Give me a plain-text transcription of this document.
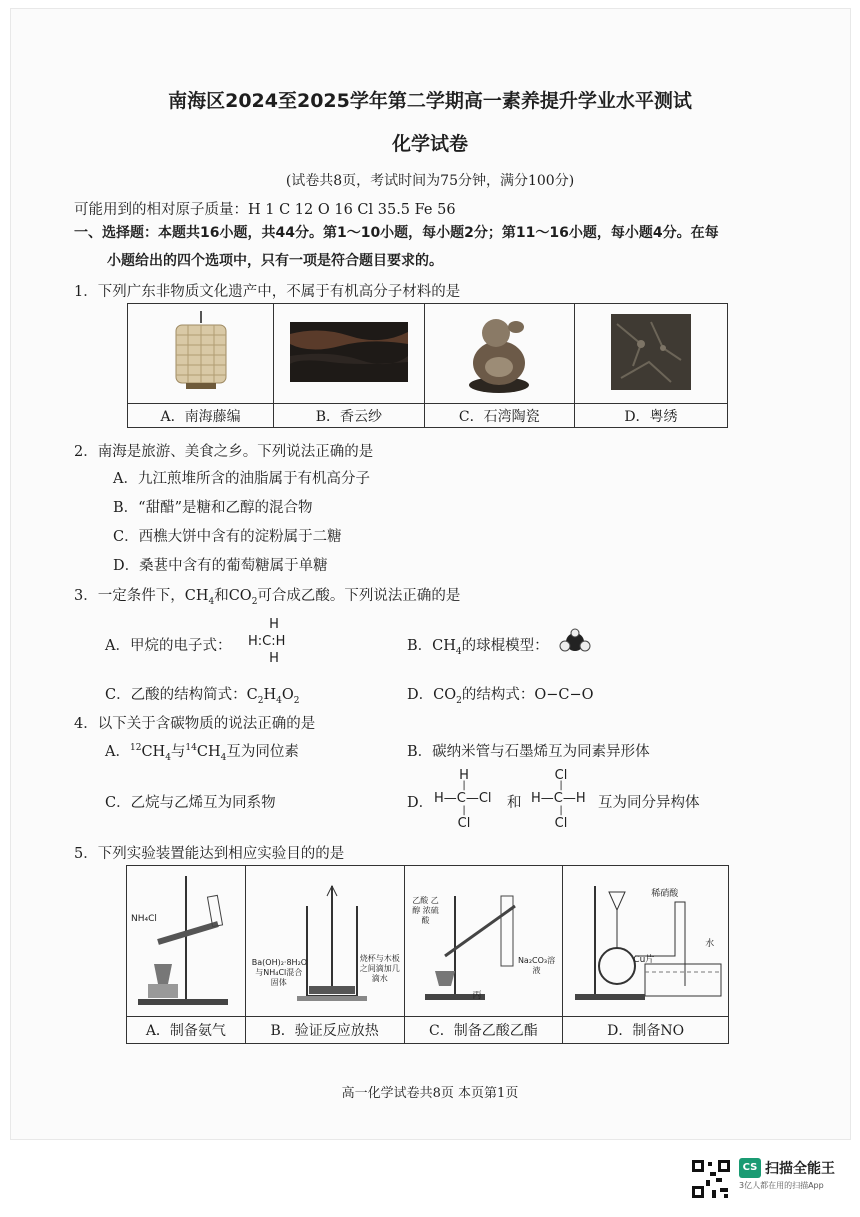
ﾠ
南海区2024至2025学年第二学期高一素养提升学业水平测试
化学试卷
(试卷共8页，考试时间为75分钟，满分100分)
可能用到的相对原子质量：H 1 C 12 O 16 Cl 35.5 Fe 56
一、选择题：本题共16小题，共44分。第1～10小题，每小题2分；第11～16小题，每小题4分。在每
小题给出的四个选项中，只有一项是符合题目要求的。
1．下列广东非物质文化遗产中，不属于有机高分子材料的是

A．南海藤编	B．香云纱	C．石湾陶瓷	D．粤绣
2．南海是旅游、美食之乡。下列说法正确的是
A．九江煎堆所含的油脂属于有机高分子
B．“甜醋”是糖和乙醇的混合物
C．西樵大饼中含有的淀粉属于二糖
D．桑葚中含有的葡萄糖属于单糖
3．一定条件下，$CH_4$和$CO_2$可合成乙酸。下列说法正确的是
A．甲烷的电子式：
H
H:C:H
H
B．$CH_4$的球棍模型：
C．乙酸的结构简式：$C_2H_4O_2$	D．$CO_2$的结构式：O−C−O
4．以下关于含碳物质的说法正确的是
A．$^{12}CH_4$与$^{14}CH_4$互为同位素	B．碳纳米管与石墨烯互为同素异形体
C．乙烷与乙烯互为同系物	D．
H
|
H—C—Cl
|
Cl
和
Cl
|
H—C—H
|
Cl
互为同分异构体
5．下列实验装置能达到相应实验目的的是
NH₄Cl	Ba(OH)₂·8H₂O与NH₄Cl混合固体
烧杯与木板之间滴加几滴水	乙酸 乙醇 浓硫酸
Na₂CO₃溶液
丙	稀硝酸
Cu片
水

A．制备氨气	B．验证反应放热	C．制备乙酸乙酯	D．制备NO
高一化学试卷共8页 本页第1页
CS 扫描全能王
3亿人都在用的扫描App
